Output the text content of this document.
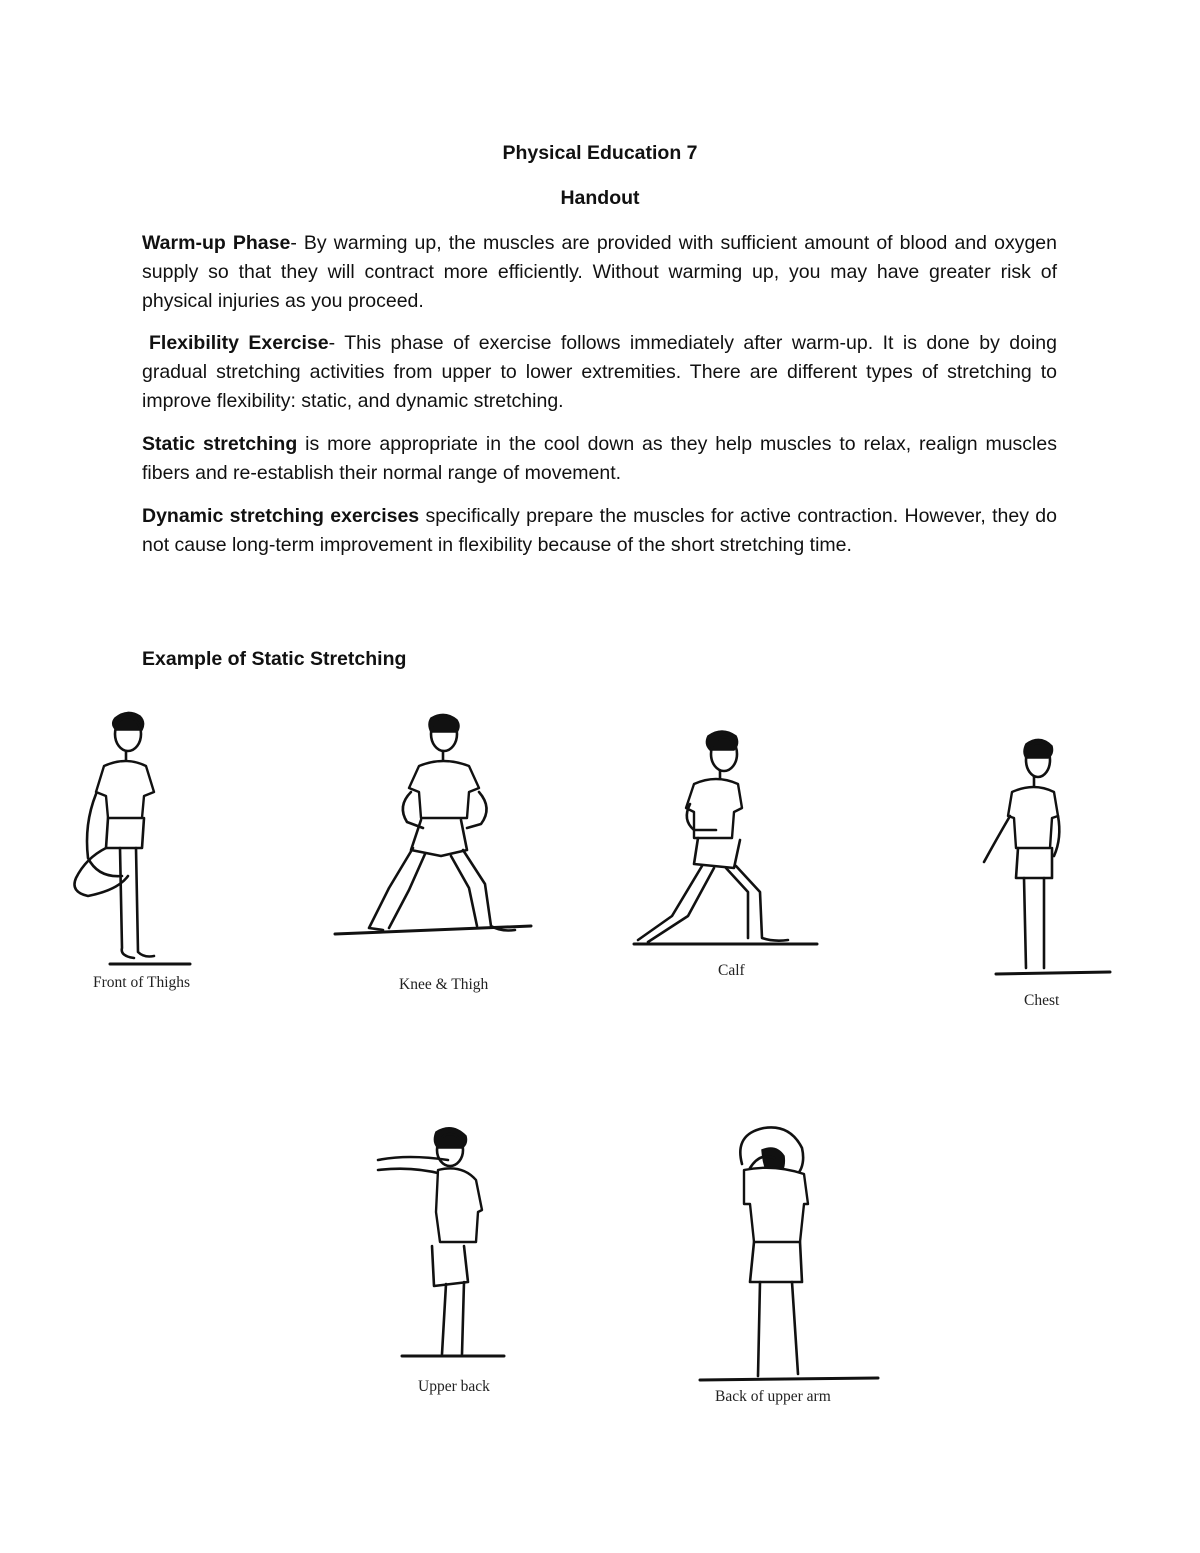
Physical Education 7
Handout

Warm-up Phase- By warming up, the muscles are provided with sufficient amount of blood and oxygen supply so that they will contract more efficiently. Without warming up, you may have greater risk of physical injuries as you proceed.

Flexibility Exercise- This phase of exercise follows immediately after warm-up. It is done by doing gradual stretching activities from upper to lower extremities. There are different types of stretching to improve flexibility: static, and dynamic stretching.

Static stretching is more appropriate in the cool down as they help muscles to relax, realign muscles fibers and re-establish their normal range of movement.

Dynamic stretching exercises specifically prepare the muscles for active contraction. However, they do not cause long-term improvement in flexibility because of the short stretching time.

Example of Static Stretching
Front of Thighs	Knee & Thigh
Calf
Chest
Upper back
Back of upper arm
